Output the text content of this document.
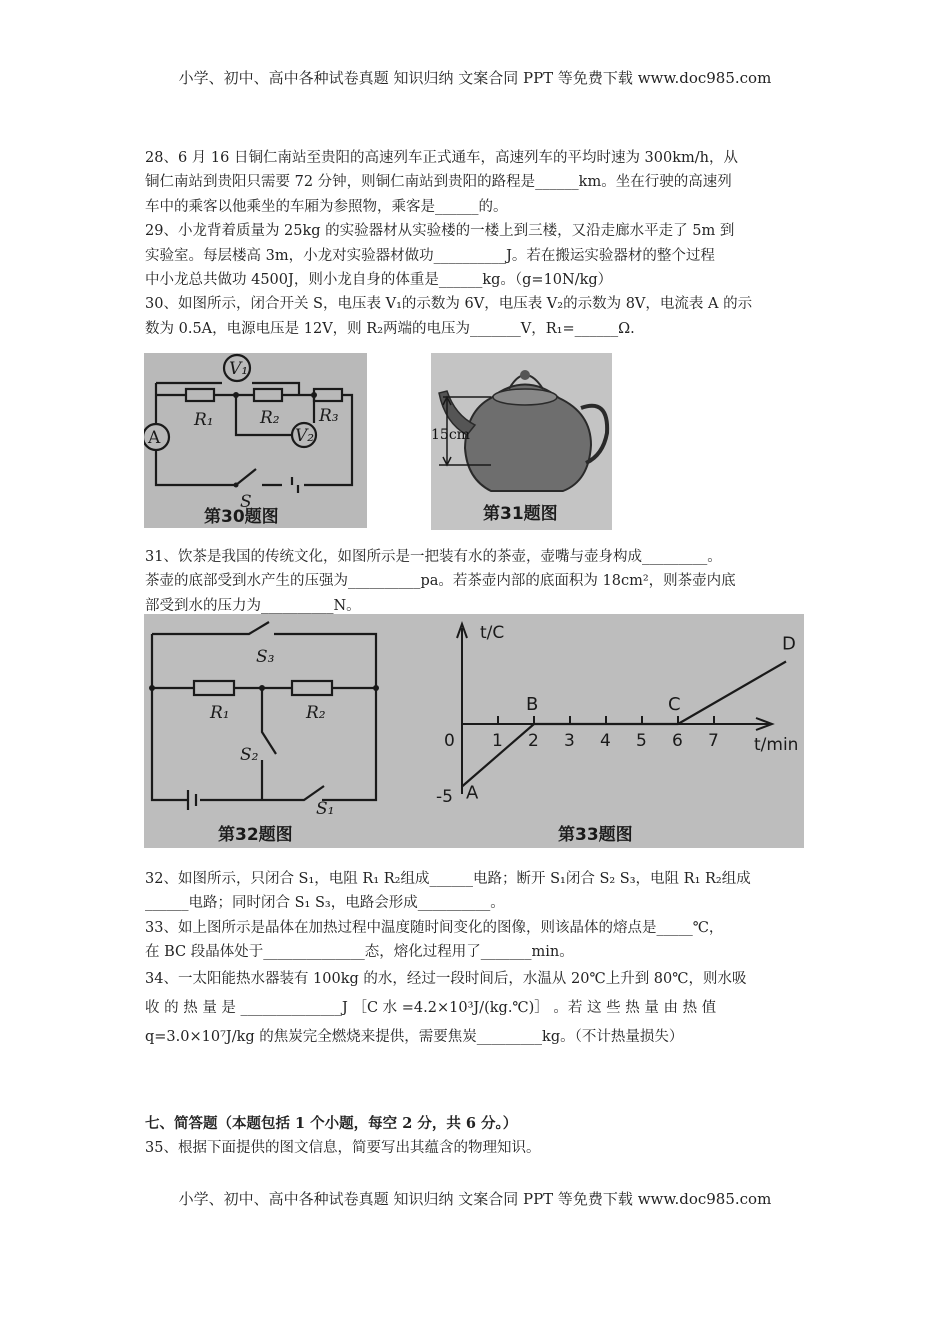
小学、初中、高中各种试卷真题 知识归纳 文案合同 PPT 等免费下载 www.doc985.com

28、6 月 16 日铜仁南站至贵阳的高速列车正式通车，高速列车的平均时速为 300km/h，从

铜仁南站到贵阳只需要 72 分钟，则铜仁南站到贵阳的路程是______km。坐在行驶的高速列

车中的乘客以他乘坐的车厢为参照物，乘客是______的。

29、小龙背着质量为 25kg 的实验器材从实验楼的一楼上到三楼，又沿走廊水平走了 5m 到

实验室。每层楼高 3m，小龙对实验器材做功__________J。若在搬运实验器材的整个过程

中小龙总共做功 4500J，则小龙自身的体重是______kg。（g=10N/kg）

30、如图所示，闭合开关 S，电压表 V₁的示数为 6V，电压表 V₂的示数为 8V，电流表 A 的示

数为 0.5A，电源电压是 12V，则 R₂两端的电压为_______V，R₁=______Ω.

V₁
A	V₂
R₁	R₂ R₃
S
第30题图
15cm
第31题图

31、饮茶是我国的传统文化，如图所示是一把装有水的茶壶，壶嘴与壶身构成_________。

茶壶的底部受到水产生的压强为__________pa。若茶壶内部的底面积为 18cm²，则茶壶内底

部受到水的压力为__________N。

S₃
R₁	R₂
S₂
S₁
第32题图
1 2 3 4 5 6 7
A
B	C
D
t/C
t/min
0
-5
第33题图

32、如图所示，只闭合 S₁，电阻 R₁ R₂组成______电路；断开 S₁闭合 S₂ S₃，电阻 R₁ R₂组成

______电路；同时闭合 S₁ S₃，电路会形成__________。

33、如上图所示是晶体在加热过程中温度随时间变化的图像，则该晶体的熔点是_____℃，

在 BC 段晶体处于______________态，熔化过程用了_______min。

34、一太阳能热水器装有 100kg 的水，经过一段时间后，水温从 20℃上升到 80℃，则水吸

收 的 热 量 是 ______________J ［C 水 =4.2×10³J/(kg.℃)］ 。若 这 些 热 量 由 热 值

q=3.0×10⁷J/kg 的焦炭完全燃烧来提供，需要焦炭_________kg。（不计热量损失）

七、简答题（本题包括 1 个小题，每空 2 分，共 6 分。）

35、根据下面提供的图文信息，简要写出其蕴含的物理知识。

小学、初中、高中各种试卷真题 知识归纳 文案合同 PPT 等免费下载 www.doc985.com
